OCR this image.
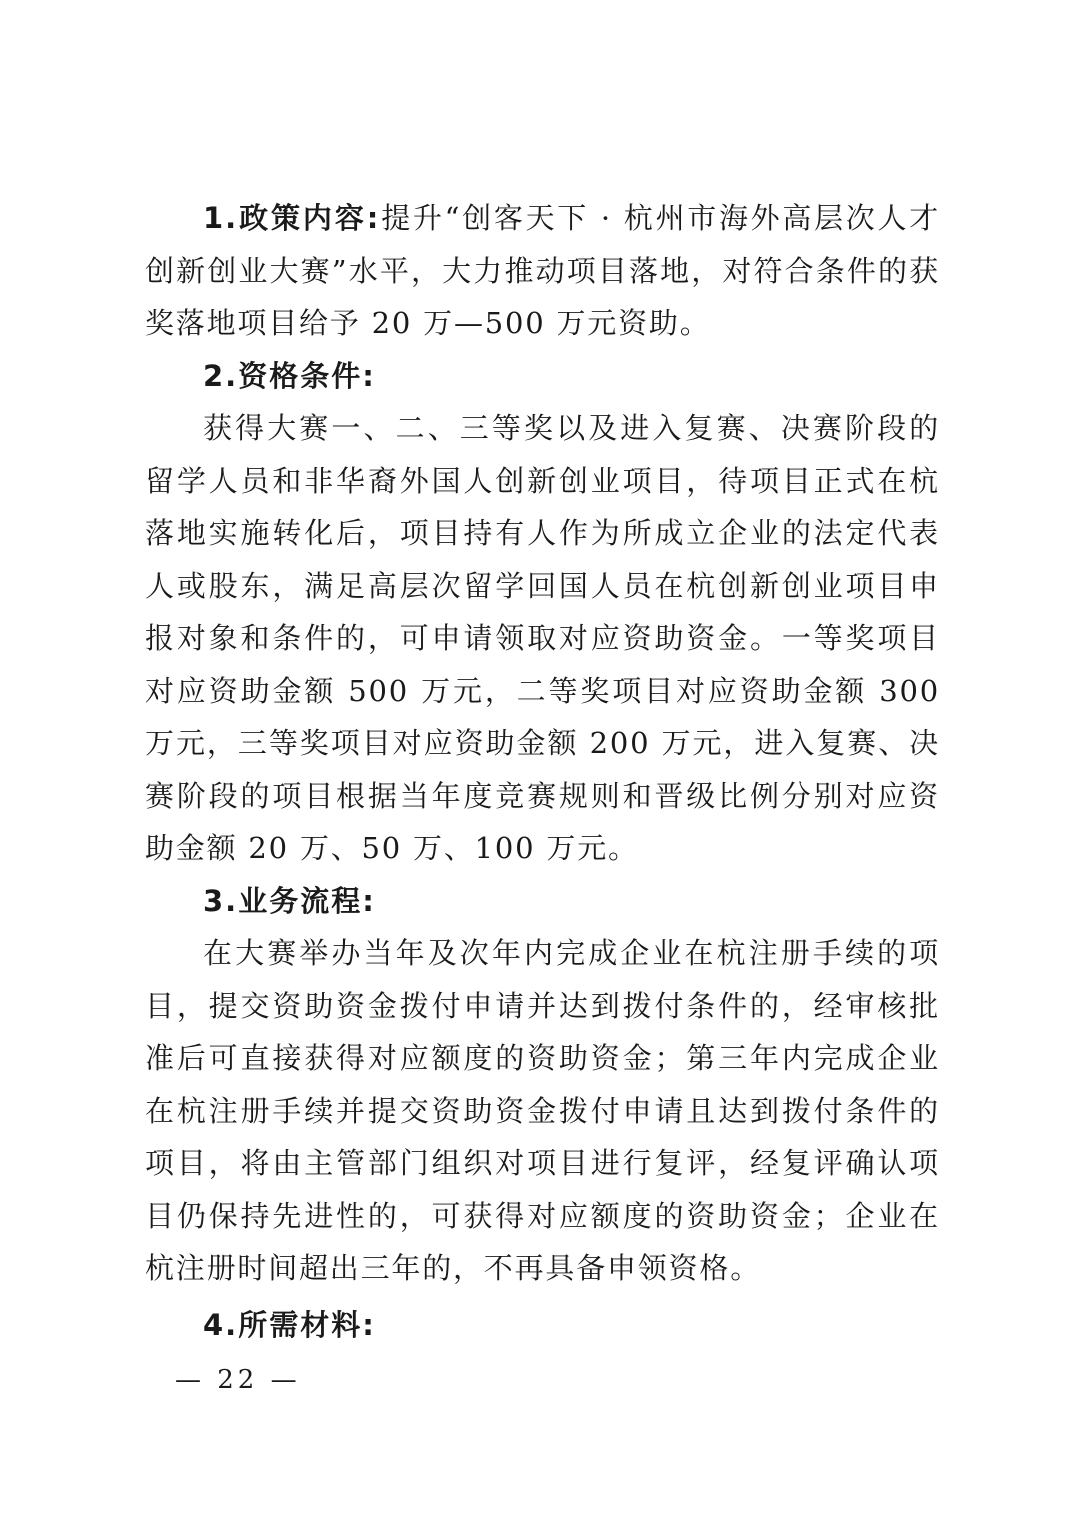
1.政策内容:提升“创客天下 · 杭州市海外高层次人才创新创业大赛”水平，大力推动项目落地，对符合条件的获奖落地项目给予 20 万—500 万元资助。

2.资格条件:

获得大赛一、二、三等奖以及进入复赛、决赛阶段的留学人员和非华裔外国人创新创业项目，待项目正式在杭落地实施转化后，项目持有人作为所成立企业的法定代表人或股东，满足高层次留学回国人员在杭创新创业项目申报对象和条件的，可申请领取对应资助资金。一等奖项目对应资助金额 500 万元，二等奖项目对应资助金额 300 万元，三等奖项目对应资助金额 200 万元，进入复赛、决赛阶段的项目根据当年度竞赛规则和晋级比例分别对应资助金额 20 万、50 万、100 万元。

3.业务流程:

在大赛举办当年及次年内完成企业在杭注册手续的项目，提交资助资金拨付申请并达到拨付条件的，经审核批准后可直接获得对应额度的资助资金；第三年内完成企业在杭注册手续并提交资助资金拨付申请且达到拨付条件的项目，将由主管部门组织对项目进行复评，经复评确认项目仍保持先进性的，可获得对应额度的资助资金；企业在杭注册时间超出三年的，不再具备申领资格。

4.所需材料:

— 22 —
